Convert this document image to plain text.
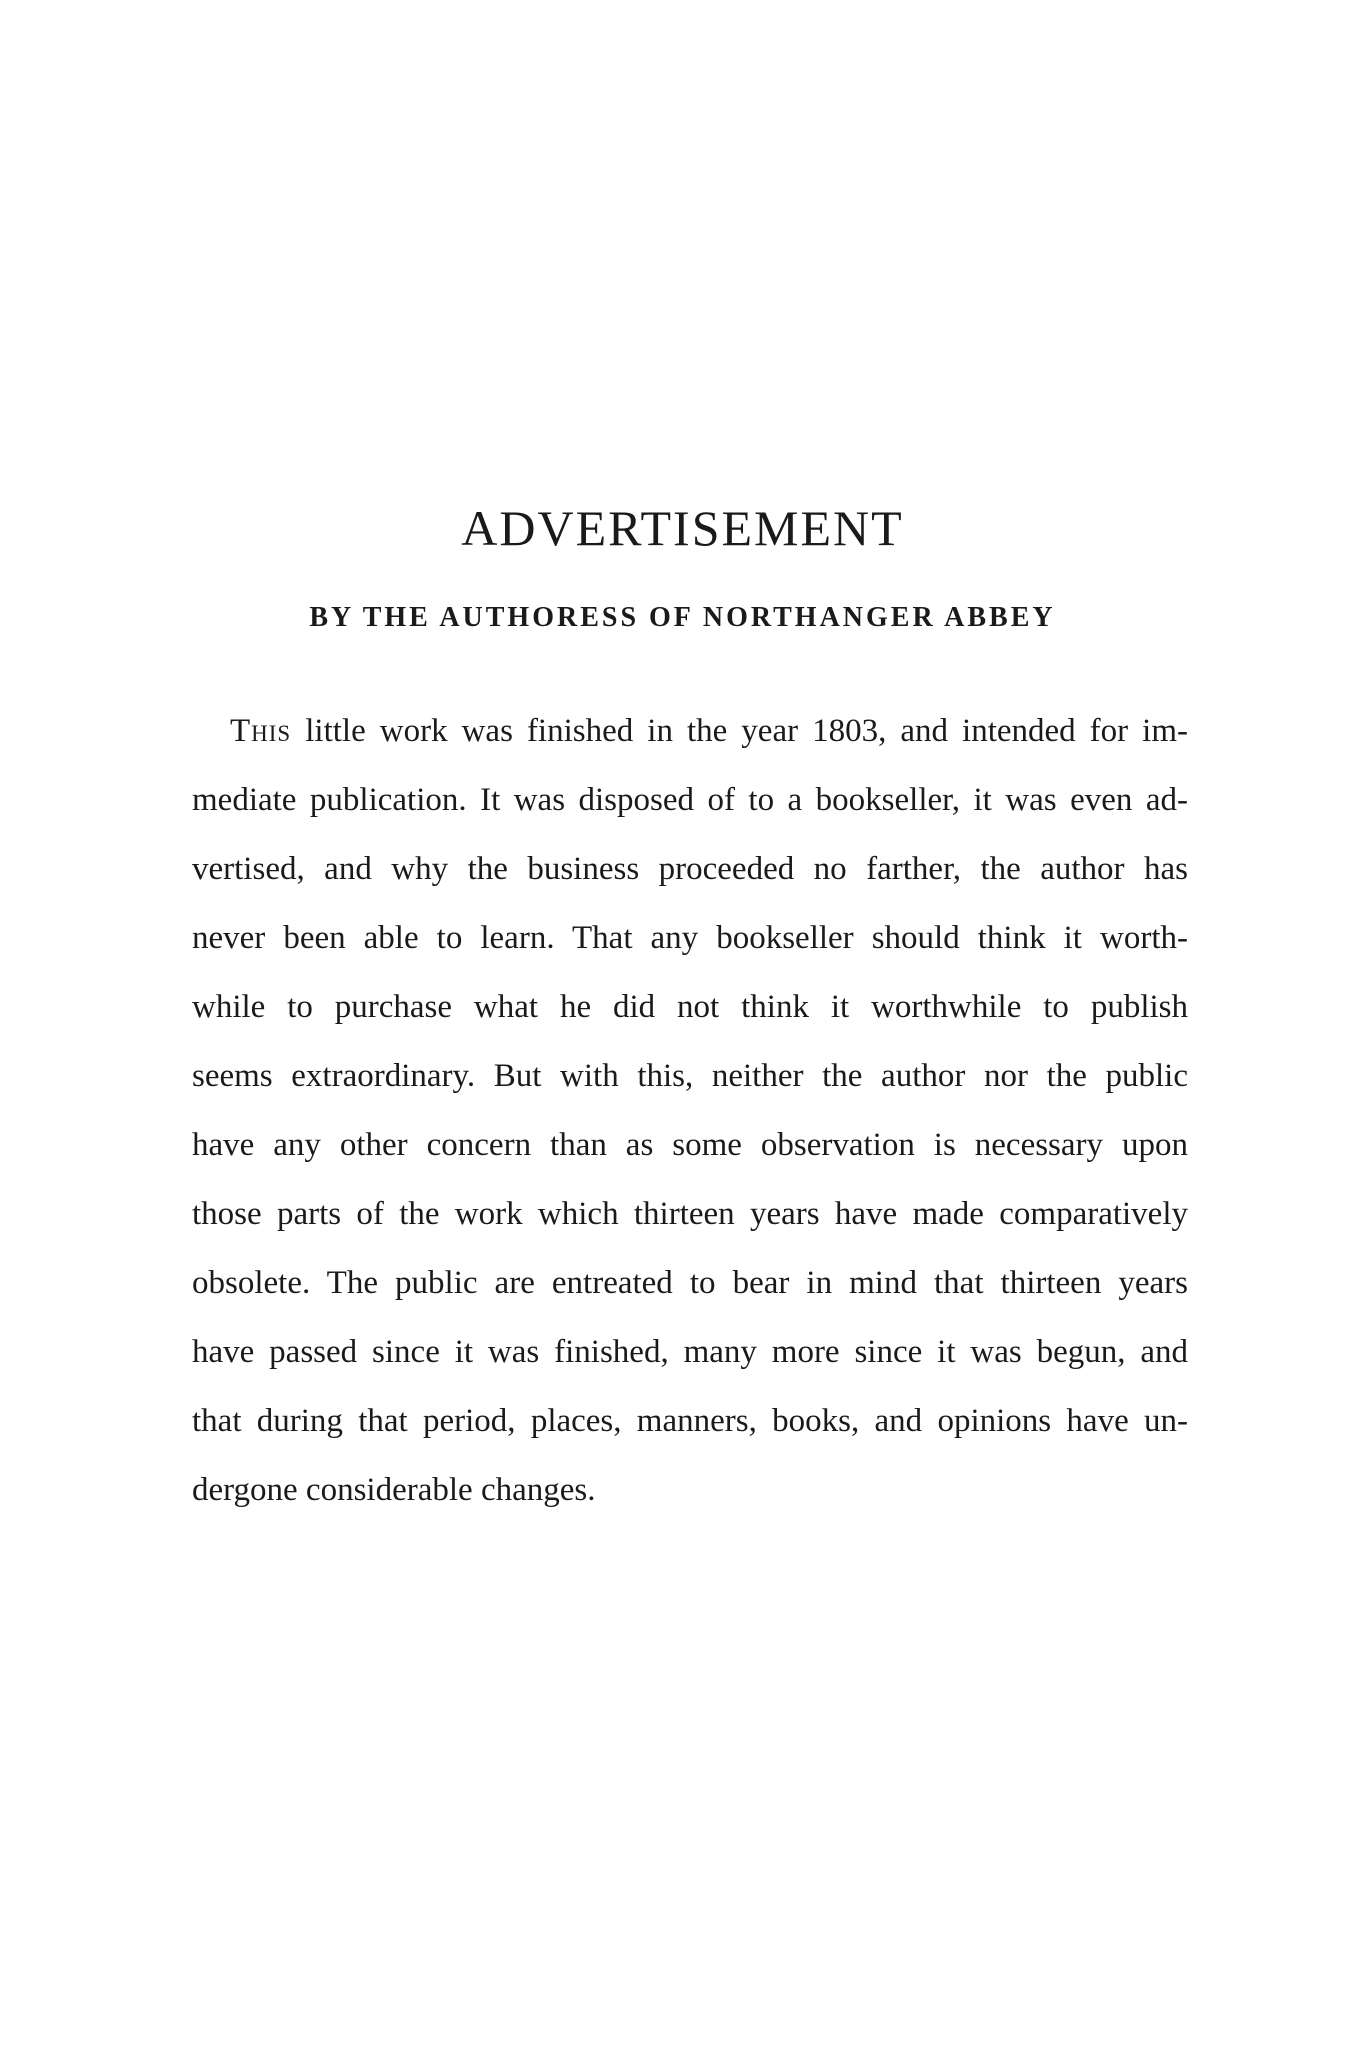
ADVERTISEMENT
BY THE AUTHORESS OF NORTHANGER ABBEY
This little work was finished in the year 1803, and intended for im-
mediate publication. It was disposed of to a bookseller, it was even ad-
vertised, and why the business proceeded no farther, the author has
never been able to learn. That any bookseller should think it worth-
while to purchase what he did not think it worthwhile to publish
seems extraordinary. But with this, neither the author nor the public
have any other concern than as some observation is necessary upon
those parts of the work which thirteen years have made comparatively
obsolete. The public are entreated to bear in mind that thirteen years
have passed since it was finished, many more since it was begun, and
that during that period, places, manners, books, and opinions have un-
dergone considerable changes.
